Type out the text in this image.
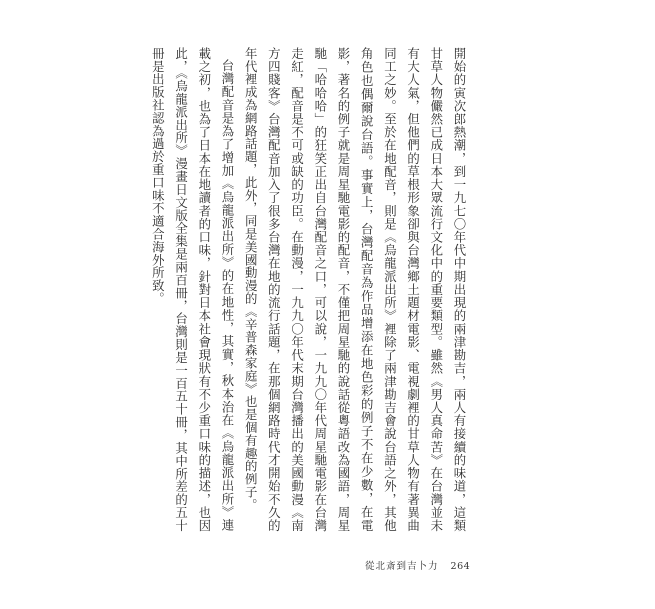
開始的寅次郎熱潮，到一九七〇年代中期出現的兩津勘吉，兩人有接續的味道，這類甘草人物儼然已成日本大眾流行文化中的重要類型。雖然《男人真命苦》在台灣並未有大人氣，但他們的草根形象卻與台灣鄉土題材電影、電視劇裡的甘草人物有著異曲同工之妙。至於在地配音，則是《烏龍派出所》裡除了兩津勘吉會說台語之外，其他角色也偶爾說台語。事實上，台灣配音為作品增添在地色彩的例子不在少數，在電影，著名的例子就是周星馳電影的配音，不僅把周星馳的說話從粵語改為國語，周星馳「哈哈哈」的狂笑正出自台灣配音之口，可以說，一九九〇年代周星馳電影在台灣走紅，配音是不可或缺的功臣。在動漫，一九九〇年代末期台灣播出的美國動漫《南方四賤客》台灣配音加入了很多台灣在地的流行話題，在那個網路時代才開始不久的年代裡成為網路話題，此外，同是美國動漫的《辛普森家庭》也是個有趣的例子。

台灣配音是為了增加《烏龍派出所》的在地性，其實，秋本治在《烏龍派出所》連載之初，也為了日本在地讀者的口味，針對日本社會現狀有不少重口味的描述，也因此，《烏龍派出所》漫畫日文版全集是兩百冊，台灣則是一百五十冊，其中所差的五十冊是出版社認為過於重口味不適合海外所致。

從北斎到吉卜力 264
